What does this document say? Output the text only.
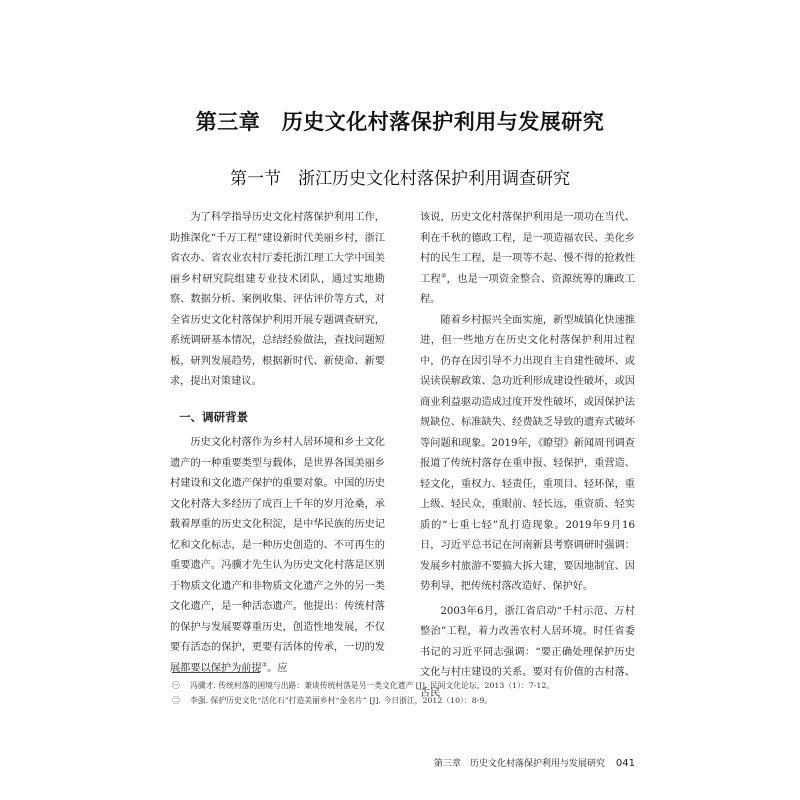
第三章　历史文化村落保护利用与发展研究
第一节　浙江历史文化村落保护利用调查研究

为了科学指导历史文化村落保护利用工作，助推深化“千万工程”建设新时代美丽乡村，浙江省农办、省农业农村厅委托浙江理工大学中国美丽乡村研究院组建专业技术团队，通过实地勘察、数据分析、案例收集、评估评价等方式，对全省历史文化村落保护利用开展专题调查研究，系统调研基本情况，总结经验做法，查找问题短板，研判发展趋势，根据新时代、新使命、新要求，提出对策建议。

一、调研背景

历史文化村落作为乡村人居环境和乡土文化遗产的一种重要类型与载体，是世界各国美丽乡村建设和文化遗产保护的重要对象。中国的历史文化村落大多经历了成百上千年的岁月沧桑，承载着厚重的历史文化积淀，是中华民族的历史记忆和文化标志，是一种历史创造的、不可再生的重要遗产。冯骥才先生认为历史文化村落是区别于物质文化遗产和非物质文化遗产之外的另一类文化遗产，是一种活态遗产。他提出：传统村落的保护与发展要尊重历史，创造性地发展，不仅要有活态的保护，更要有活体的传承，一切的发展都要以保护为前提①。应

该说，历史文化村落保护利用是一项功在当代、利在千秋的德政工程，是一项造福农民、美化乡村的民生工程，是一项等不起、慢不得的抢救性工程②，也是一项资金整合、资源统筹的廉政工程。

随着乡村振兴全面实施，新型城镇化快速推进，但一些地方在历史文化村落保护利用过程中，仍存在因引导不力出现自主自建性破坏、或误读误解政策、急功近利形成建设性破坏，或因商业利益驱动造成过度开发性破坏，或因保护法规缺位、标准缺失、经费缺乏导致的遗弃式破坏等问题和现象。2019年，《瞭望》新闻周刊调查报道了传统村落存在重申报、轻保护，重营造、轻文化，重权力、轻责任，重项目、轻环保，重上级、轻民众，重眼前、轻长远，重资质、轻实质的“七重七轻”乱打造现象。2019年9月16日，习近平总书记在河南新县考察调研时强调：发展乡村旅游不要搞大拆大建，要因地制宜、因势利导，把传统村落改造好、保护好。

2003年6月，浙江省启动“千村示范、万村整治”工程，着力改善农村人居环境。时任省委书记的习近平同志强调：“要正确处理保护历史文化与村庄建设的关系。要对有价值的古村落、古民

㊀	冯骥才. 传统村落的困境与出路：兼谈传统村落是另一类文化遗产 [J]. 民间文化论坛，2013（1）：7-12。
㊁	李强. 保护历史文化“活化石”打造美丽乡村“金名片” [J]. 今日浙江，2012（10）：8-9。
第三章　历史文化村落保护利用与发展研究 041
